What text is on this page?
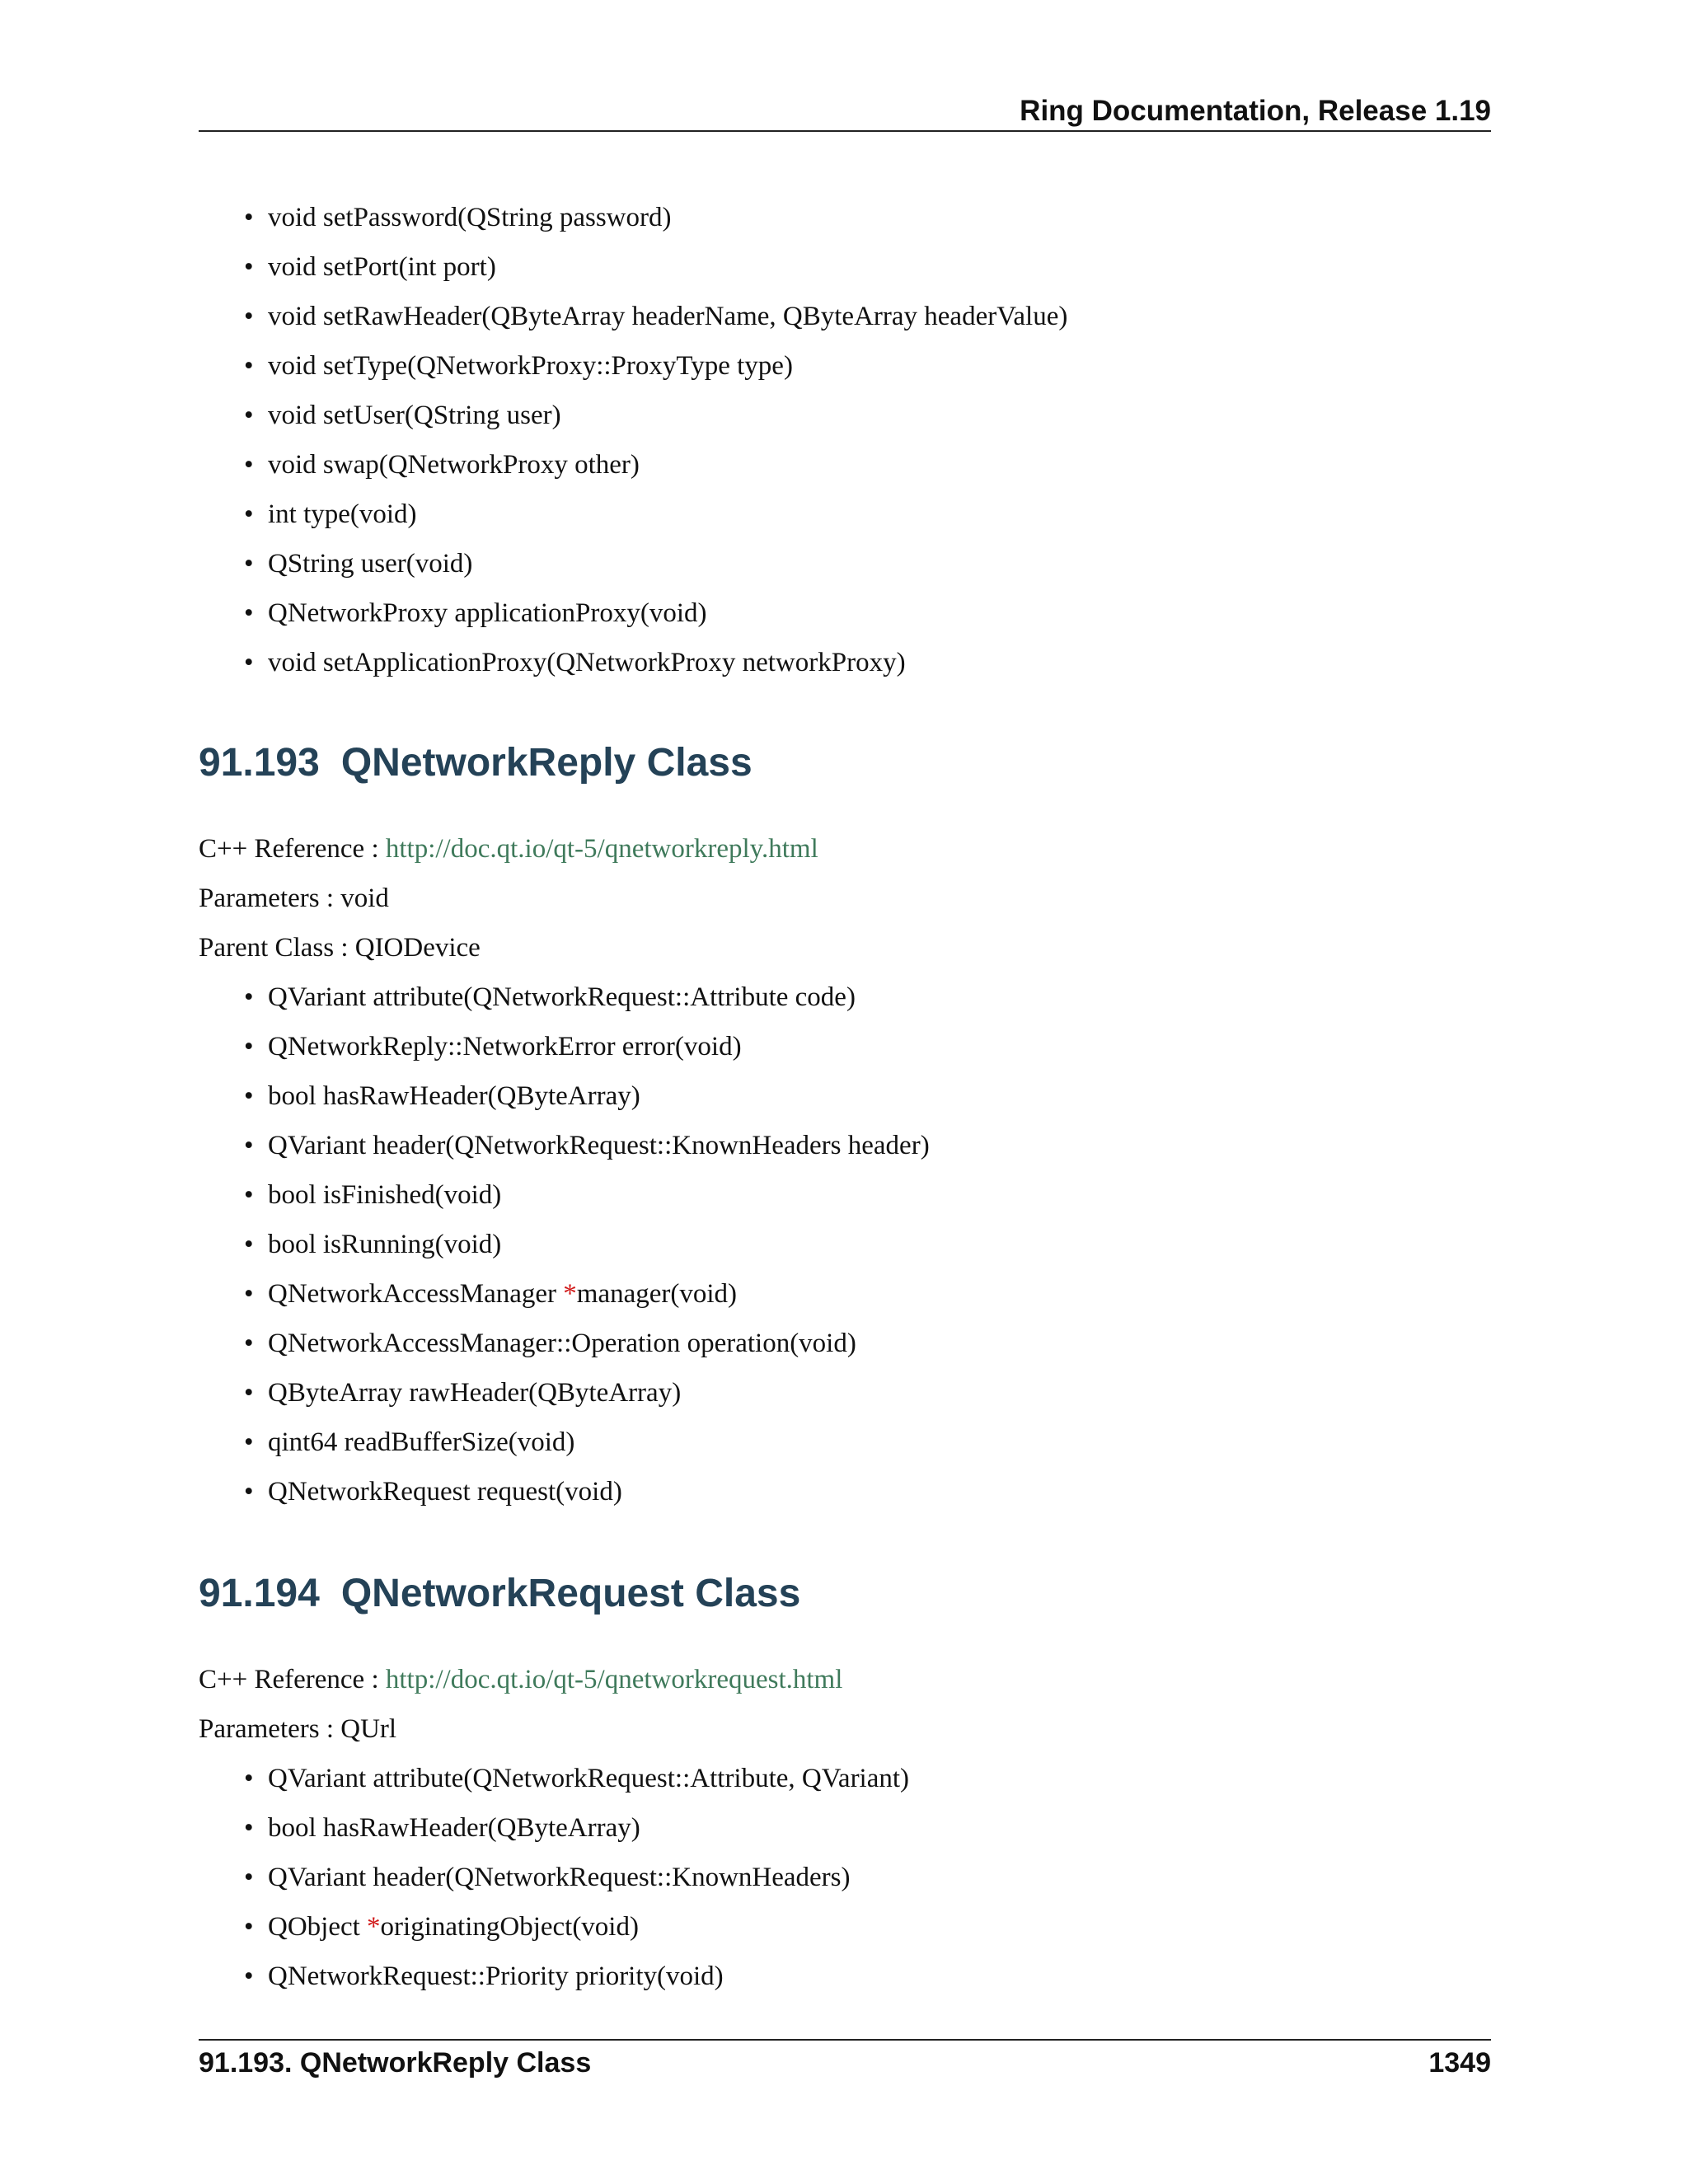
Ring Documentation, Release 1.19
• void setPassword(QString password)
• void setPort(int port)
• void setRawHeader(QByteArray headerName, QByteArray headerValue)
• void setType(QNetworkProxy::ProxyType type)
• void setUser(QString user)
• void swap(QNetworkProxy other)
• int type(void)
• QString user(void)
• QNetworkProxy applicationProxy(void)
• void setApplicationProxy(QNetworkProxy networkProxy)
91.193 QNetworkReply Class
C++ Reference : http://doc.qt.io/qt-5/qnetworkreply.html
Parameters : void
Parent Class : QIODevice
• QVariant attribute(QNetworkRequest::Attribute code)
• QNetworkReply::NetworkError error(void)
• bool hasRawHeader(QByteArray)
• QVariant header(QNetworkRequest::KnownHeaders header)
• bool isFinished(void)
• bool isRunning(void)
• QNetworkAccessManager *manager(void)
• QNetworkAccessManager::Operation operation(void)
• QByteArray rawHeader(QByteArray)
• qint64 readBufferSize(void)
• QNetworkRequest request(void)
91.194 QNetworkRequest Class
C++ Reference : http://doc.qt.io/qt-5/qnetworkrequest.html
Parameters : QUrl
• QVariant attribute(QNetworkRequest::Attribute, QVariant)
• bool hasRawHeader(QByteArray)
• QVariant header(QNetworkRequest::KnownHeaders)
• QObject *originatingObject(void)
• QNetworkRequest::Priority priority(void)
91.193. QNetworkReply Class	1349
